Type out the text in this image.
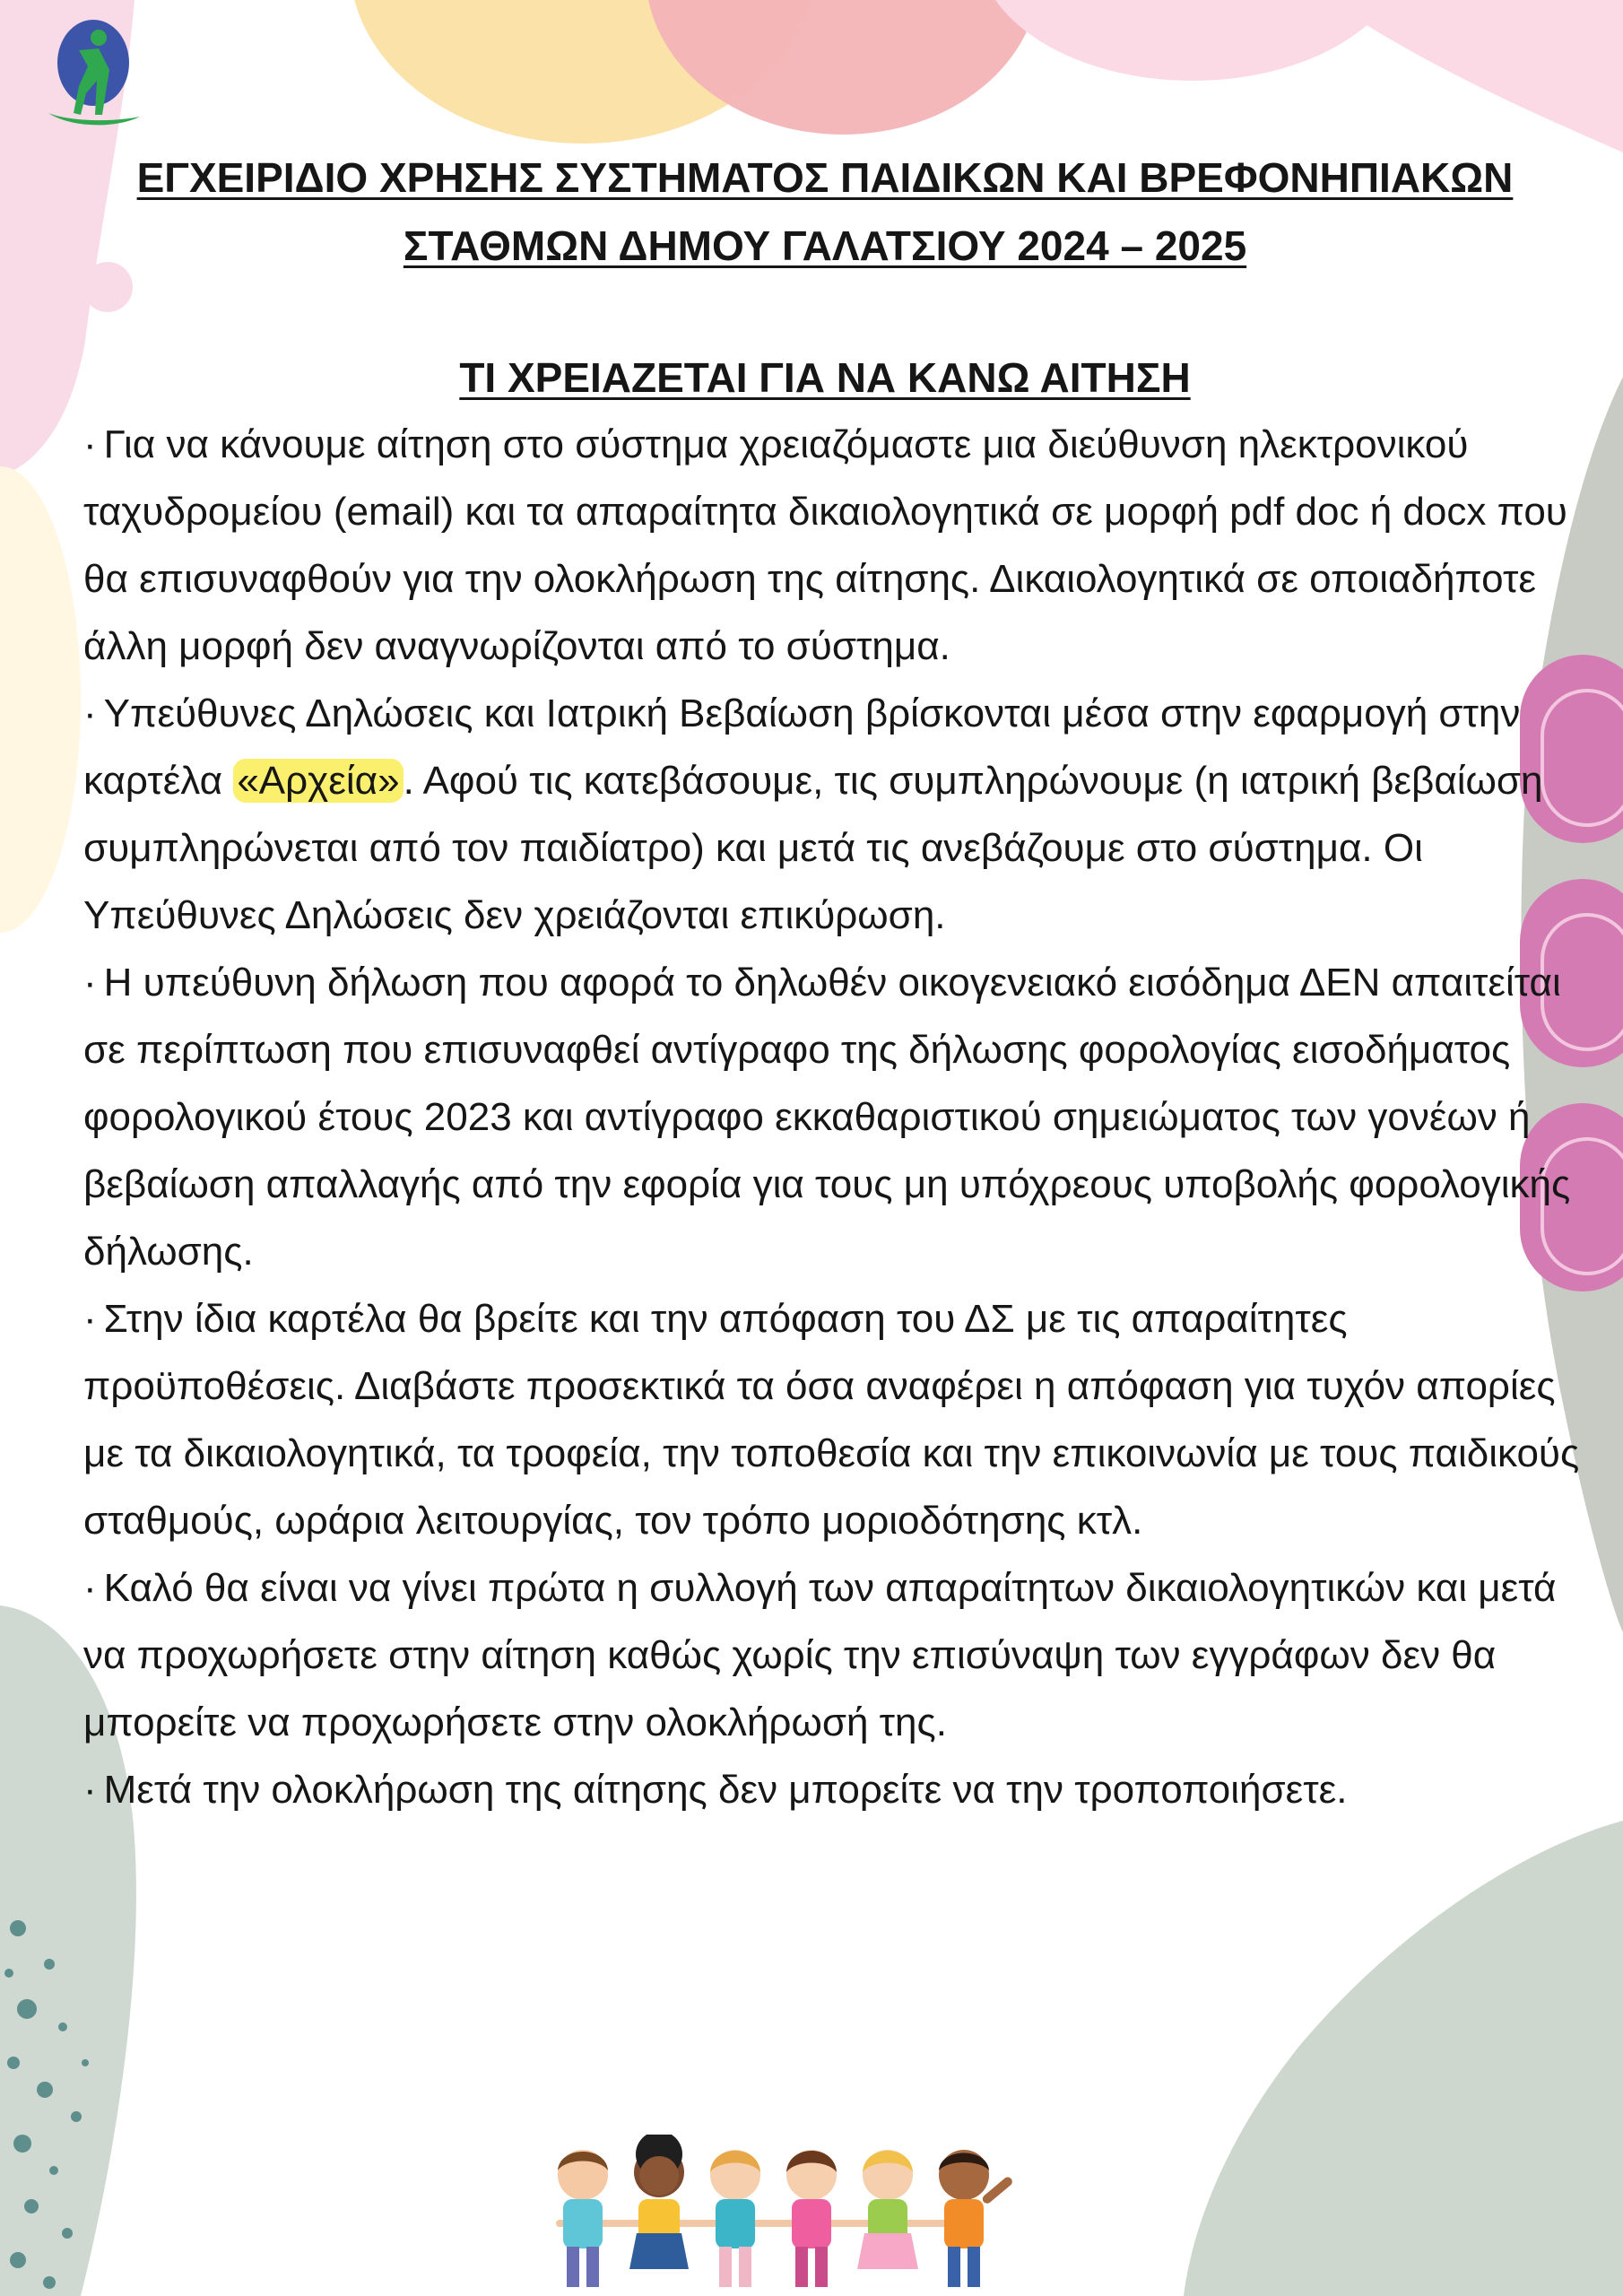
ΕΓΧΕΙΡΙΔΙΟ ΧΡΗΣΗΣ ΣΥΣΤΗΜΑΤΟΣ ΠΑΙΔΙΚΩΝ ΚΑΙ ΒΡΕΦΟΝΗΠΙΑΚΩΝ
ΣΤΑΘΜΩΝ ΔΗΜΟΥ ΓΑΛΑΤΣΙΟΥ 2024 – 2025
ΤΙ ΧΡΕΙΑΖΕΤΑΙ ΓΙΑ ΝΑ ΚΑΝΩ ΑΙΤΗΣΗ

· Για να κάνουμε αίτηση στο σύστημα χρειαζόμαστε μια διεύθυνση ηλεκτρονικού ταχυδρομείου (email) και τα απαραίτητα δικαιολογητικά σε μορφή pdf doc ή docx που θα επισυναφθούν για την ολοκλήρωση της αίτησης. Δικαιολογητικά σε οποιαδήποτε άλλη μορφή δεν αναγνωρίζονται από το σύστημα.

· Υπεύθυνες Δηλώσεις και Ιατρική Βεβαίωση βρίσκονται μέσα στην εφαρμογή στην καρτέλα «Αρχεία». Αφού τις κατεβάσουμε, τις συμπληρώνουμε (η ιατρική βεβαίωση συμπληρώνεται από τον παιδίατρο) και μετά τις ανεβάζουμε στο σύστημα. Οι Υπεύθυνες Δηλώσεις δεν χρειάζονται επικύρωση.

· Η υπεύθυνη δήλωση που αφορά το δηλωθέν οικογενειακό εισόδημα ΔΕΝ απαιτείται σε περίπτωση που επισυναφθεί αντίγραφο της δήλωσης φορολογίας εισοδήματος φορολογικού έτους 2023 και αντίγραφο εκκαθαριστικού σημειώματος των γονέων ή βεβαίωση απαλλαγής από την εφορία για τους μη υπόχρεους υποβολής φορολογικής δήλωσης.

· Στην ίδια καρτέλα θα βρείτε και την απόφαση του ΔΣ με τις απαραίτητες προϋποθέσεις. Διαβάστε προσεκτικά τα όσα αναφέρει η απόφαση για τυχόν απορίες με τα δικαιολογητικά, τα τροφεία, την τοποθεσία και την επικοινωνία με τους παιδικούς σταθμούς, ωράρια λειτουργίας, τον τρόπο μοριοδότησης κτλ.

· Καλό θα είναι να γίνει πρώτα η συλλογή των απαραίτητων δικαιολογητικών και μετά να προχωρήσετε στην αίτηση καθώς χωρίς την επισύναψη των εγγράφων δεν θα μπορείτε να προχωρήσετε στην ολοκλήρωσή της.

· Μετά την ολοκλήρωση της αίτησης δεν μπορείτε να την τροποποιήσετε.
